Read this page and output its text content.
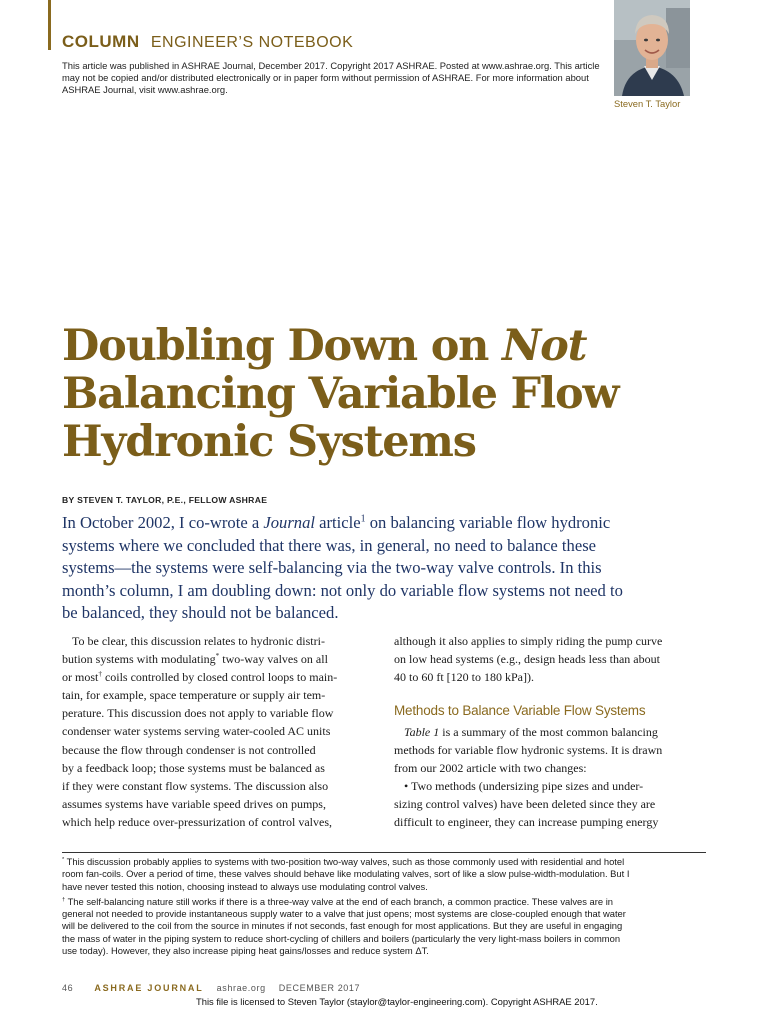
COLUMN ENGINEER’S NOTEBOOK
This article was published in ASHRAE Journal, December 2017. Copyright 2017 ASHRAE. Posted at www.ashrae.org. This article may not be copied and/or distributed electronically or in paper form without permission of ASHRAE. For more information about ASHRAE Journal, visit www.ashrae.org.
Steven T. Taylor
Doubling Down on Not
Balancing Variable Flow
Hydronic Systems
BY STEVEN T. TAYLOR, P.E., FELLOW ASHRAE
In October 2002, I co-wrote a Journal article$^1$ on balancing variable flow hydronic
systems where we concluded that there was, in general, no need to balance these
systems—the systems were self-balancing via the two-way valve controls. In this
month’s column, I am doubling down: not only do variable flow systems not need to
be balanced, they should not be balanced.
To be clear, this discussion relates to hydronic distri-
bution systems with modulating* two-way valves on all
or most† coils controlled by closed control loops to main-
tain, for example, space temperature or supply air tem-
perature. This discussion does not apply to variable flow
condenser water systems serving water-cooled AC units
because the flow through condenser is not controlled
by a feedback loop; those systems must be balanced as
if they were constant flow systems. The discussion also
assumes systems have variable speed drives on pumps,
which help reduce over-pressurization of control valves,
although it also applies to simply riding the pump curve
on low head systems (e.g., design heads less than about
40 to 60 ft [120 to 180 kPa]).
Methods to Balance Variable Flow Systems
Table 1 is a summary of the most common balancing
methods for variable flow hydronic systems. It is drawn
from our 2002 article with two changes:
• Two methods (undersizing pipe sizes and under-
sizing control valves) have been deleted since they are
difficult to engineer, they can increase pumping energy
* This discussion probably applies to systems with two-position two-way valves, such as those commonly used with residential and hotel
room fan-coils. Over a period of time, these valves should behave like modulating valves, sort of like a slow pulse-width-modulation. But I
have never tested this notion, choosing instead to always use modulating control valves.
† The self-balancing nature still works if there is a three-way valve at the end of each branch, a common practice. These valves are in
general not needed to provide instantaneous supply water to a valve that just opens; most systems are close-coupled enough that water
will be delivered to the coil from the source in minutes if not seconds, fast enough for most applications. But they are useful in engaging
the mass of water in the piping system to reduce short-cycling of chillers and boilers (particularly the very light-mass boilers in common
use today). However, they also increase piping heat gains/losses and reduce system ΔT.
46 ASHRAE JOURNAL ashrae.org DECEMBER 2017
This file is licensed to Steven Taylor (staylor@taylor-engineering.com). Copyright ASHRAE 2017.
